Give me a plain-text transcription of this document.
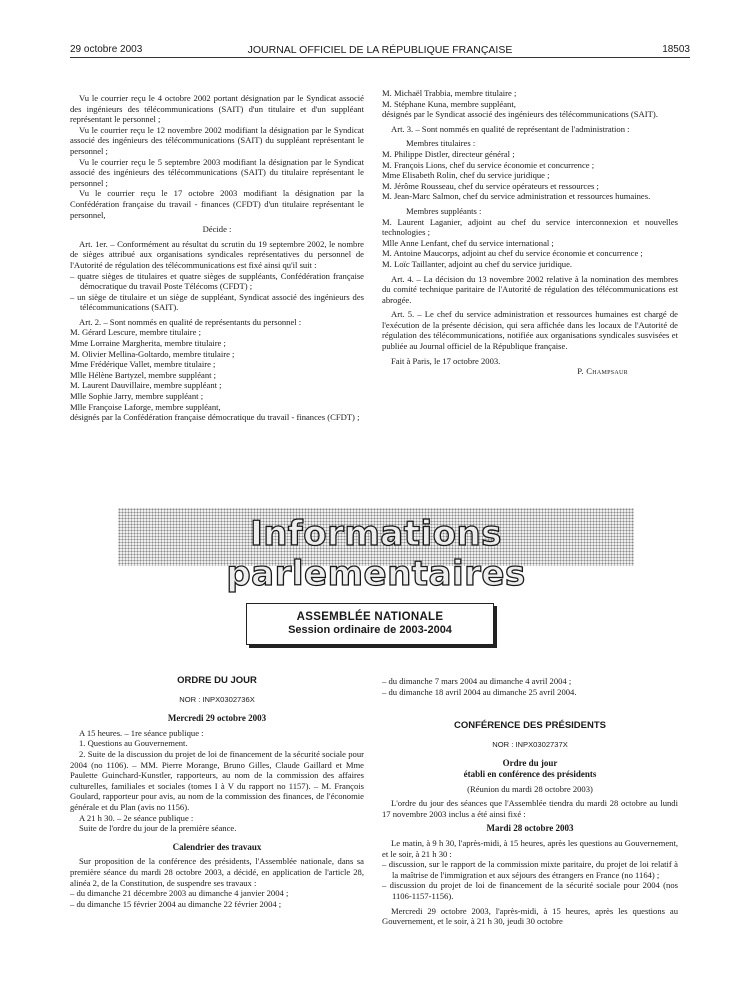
29 octobre 2003	JOURNAL OFFICIEL DE LA RÉPUBLIQUE FRANÇAISE	18503

Vu le courrier reçu le 4 octobre 2002 portant désignation par le Syndicat associé des ingénieurs des télécommunications (SAIT) d'un titulaire et d'un suppléant représentant le personnel ;

Vu le courrier reçu le 12 novembre 2002 modifiant la désignation par le Syndicat associé des ingénieurs des télécommunications (SAIT) du suppléant représentant le personnel ;

Vu le courrier reçu le 5 septembre 2003 modifiant la désignation par le Syndicat associé des ingénieurs des télécommunications (SAIT) du titulaire représentant le personnel ;

Vu le courrier reçu le 17 octobre 2003 modifiant la désignation par la Confédération française du travail - finances (CFDT) d'un titulaire représentant le personnel,

Décide :

Art. 1er. – Conformément au résultat du scrutin du 19 septembre 2002, le nombre de sièges attribué aux organisations syndicales représentatives du personnel de l'Autorité de régulation des télécommunications est fixé ainsi qu'il suit :

– quatre sièges de titulaires et quatre sièges de suppléants, Confédération française démocratique du travail Poste Télécoms (CFDT) ;

– un siège de titulaire et un siège de suppléant, Syndicat associé des ingénieurs des télécommunications (SAIT).

Art. 2. – Sont nommés en qualité de représentants du personnel :

M. Gérard Lescure, membre titulaire ;

Mme Lorraine Margherita, membre titulaire ;

M. Olivier Mellina-Goltardo, membre titulaire ;

Mme Frédérique Vallet, membre titulaire ;

Mlle Hélène Bartyzel, membre suppléant ;

M. Laurent Dauvillaire, membre suppléant ;

Mlle Sophie Jarry, membre suppléant ;

Mlle Françoise Laforge, membre suppléant,

désignés par la Confédération française démocratique du travail - finances (CFDT) ;

M. Michaël Trabbia, membre titulaire ;

M. Stéphane Kuna, membre suppléant,

désignés par le Syndicat associé des ingénieurs des télécommunications (SAIT).

Art. 3. – Sont nommés en qualité de représentant de l'administration :

Membres titulaires :

M. Philippe Distler, directeur général ;

M. François Lions, chef du service économie et concurrence ;

Mme Elisabeth Rolin, chef du service juridique ;

M. Jérôme Rousseau, chef du service opérateurs et ressources ;

M. Jean-Marc Salmon, chef du service administration et ressources humaines.

Membres suppléants :

M. Laurent Laganier, adjoint au chef du service interconnexion et nouvelles technologies ;

Mlle Anne Lenfant, chef du service international ;

M. Antoine Maucorps, adjoint au chef du service économie et concurrence ;

M. Loïc Taillanter, adjoint au chef du service juridique.

Art. 4. – La décision du 13 novembre 2002 relative à la nomination des membres du comité technique paritaire de l'Autorité de régulation des télécommunications est abrogée.

Art. 5. – Le chef du service administration et ressources humaines est chargé de l'exécution de la présente décision, qui sera affichée dans les locaux de l'Autorité de régulation des télécommunications, notifiée aux organisations syndicales susvisées et publiée au Journal officiel de la République française.

Fait à Paris, le 17 octobre 2003.

P. Champsaur

Informations parlementaires
ASSEMBLÉE NATIONALE
Session ordinaire de 2003-2004

ORDRE DU JOUR

NOR : INPX0302736X

Mercredi 29 octobre 2003

A 15 heures. – 1re séance publique :

1. Questions au Gouvernement.

2. Suite de la discussion du projet de loi de financement de la sécurité sociale pour 2004 (no 1106). – MM. Pierre Morange, Bruno Gilles, Claude Gaillard et Mme Paulette Guinchard-Kunstler, rapporteurs, au nom de la commission des affaires culturelles, familiales et sociales (tomes I à V du rapport no 1157). – M. François Goulard, rapporteur pour avis, au nom de la commission des finances, de l'économie générale et du Plan (avis no 1156).

A 21 h 30. – 2e séance publique :

Suite de l'ordre du jour de la première séance.

Calendrier des travaux

Sur proposition de la conférence des présidents, l'Assemblée nationale, dans sa première séance du mardi 28 octobre 2003, a décidé, en application de l'article 28, alinéa 2, de la Constitution, de suspendre ses travaux :

– du dimanche 21 décembre 2003 au dimanche 4 janvier 2004 ;

– du dimanche 15 février 2004 au dimanche 22 février 2004 ;

– du dimanche 7 mars 2004 au dimanche 4 avril 2004 ;

– du dimanche 18 avril 2004 au dimanche 25 avril 2004.

CONFÉRENCE DES PRÉSIDENTS

NOR : INPX0302737X

Ordre du jour

établi en conférence des présidents

(Réunion du mardi 28 octobre 2003)

L'ordre du jour des séances que l'Assemblée tiendra du mardi 28 octobre au lundi 17 novembre 2003 inclus a été ainsi fixé :

Mardi 28 octobre 2003

Le matin, à 9 h 30, l'après-midi, à 15 heures, après les questions au Gouvernement, et le soir, à 21 h 30 :

– discussion, sur le rapport de la commission mixte paritaire, du projet de loi relatif à la maîtrise de l'immigration et aux séjours des étrangers en France (no 1164) ;

– discussion du projet de loi de financement de la sécurité sociale pour 2004 (nos 1106-1157-1156).

Mercredi 29 octobre 2003, l'après-midi, à 15 heures, après les questions au Gouvernement, et le soir, à 21 h 30, jeudi 30 octobre
